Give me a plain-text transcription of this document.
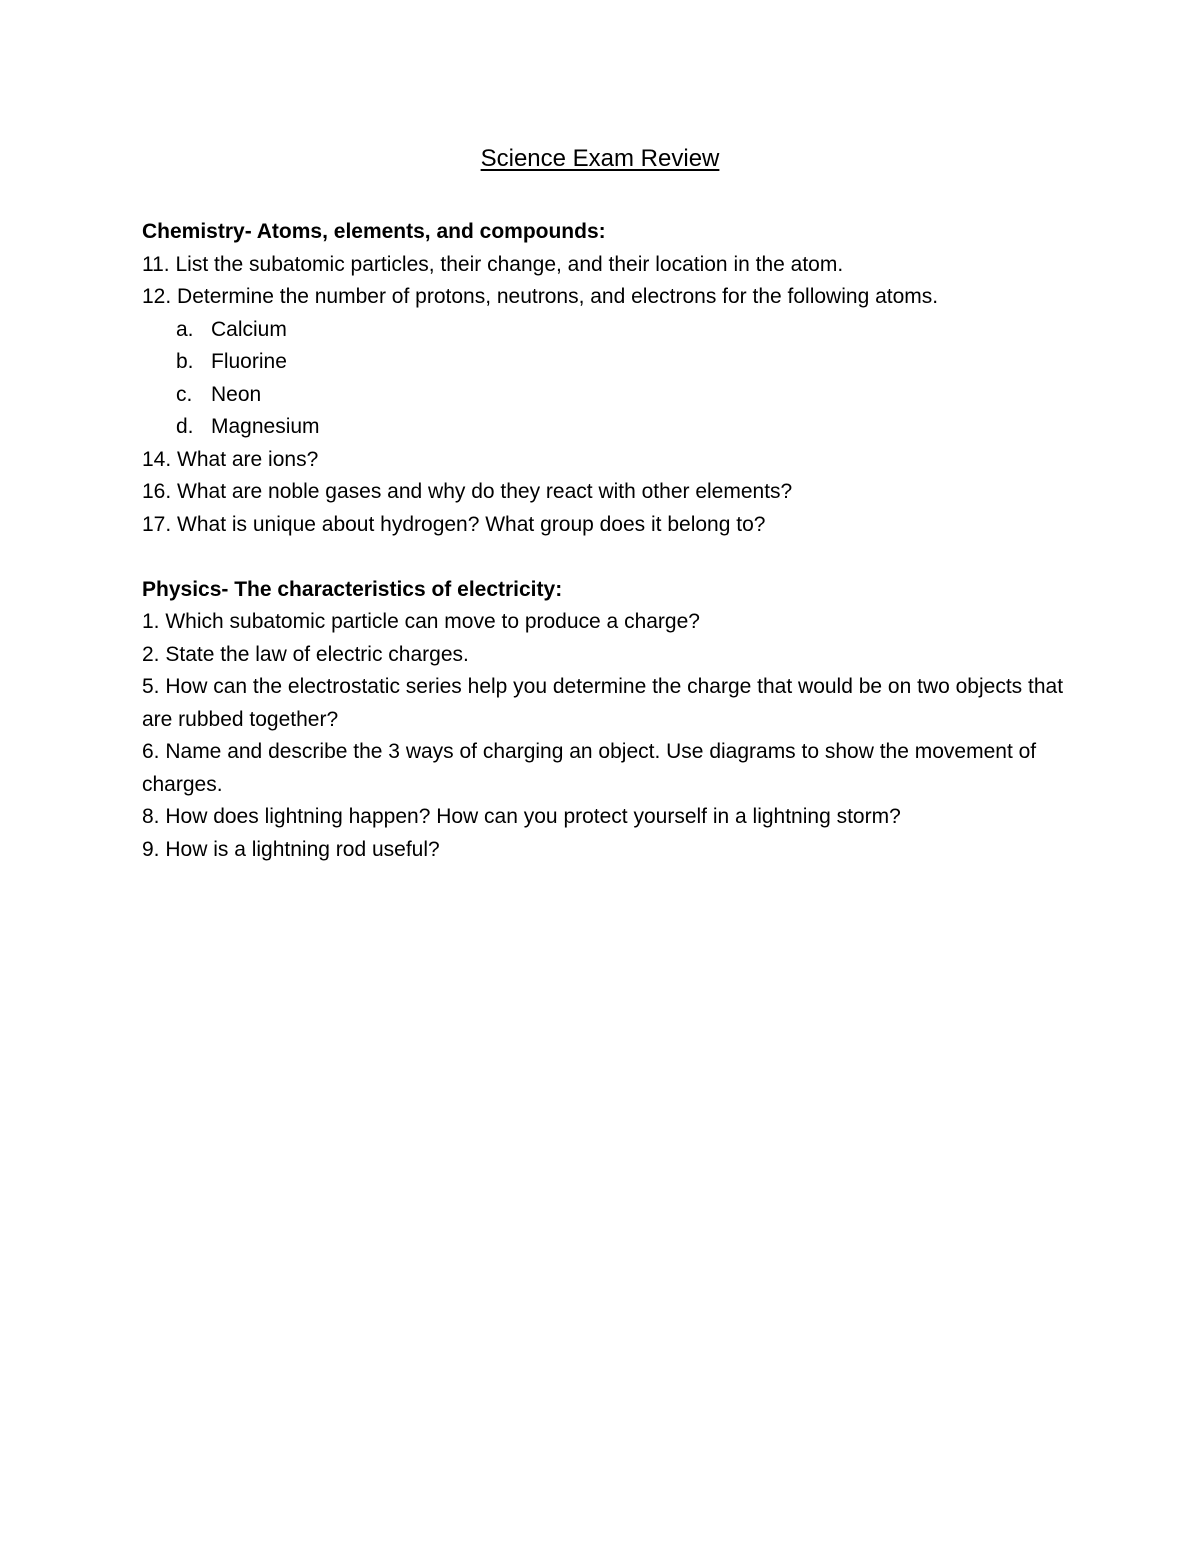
Science Exam Review
Chemistry- Atoms, elements, and compounds:
11. List the subatomic particles, their change, and their location in the atom.
12. Determine the number of protons, neutrons, and electrons for the following atoms.
a. Calcium
b. Fluorine
c. Neon
d. Magnesium
14. What are ions?
16. What are noble gases and why do they react with other elements?
17. What is unique about hydrogen? What group does it belong to?
Physics- The characteristics of electricity:
1. Which subatomic particle can move to produce a charge?
2. State the law of electric charges.
5. How can the electrostatic series help you determine the charge that would be on two objects that are rubbed together?
6. Name and describe the 3 ways of charging an object. Use diagrams to show the movement of charges.
8. How does lightning happen? How can you protect yourself in a lightning storm?
9. How is a lightning rod useful?
